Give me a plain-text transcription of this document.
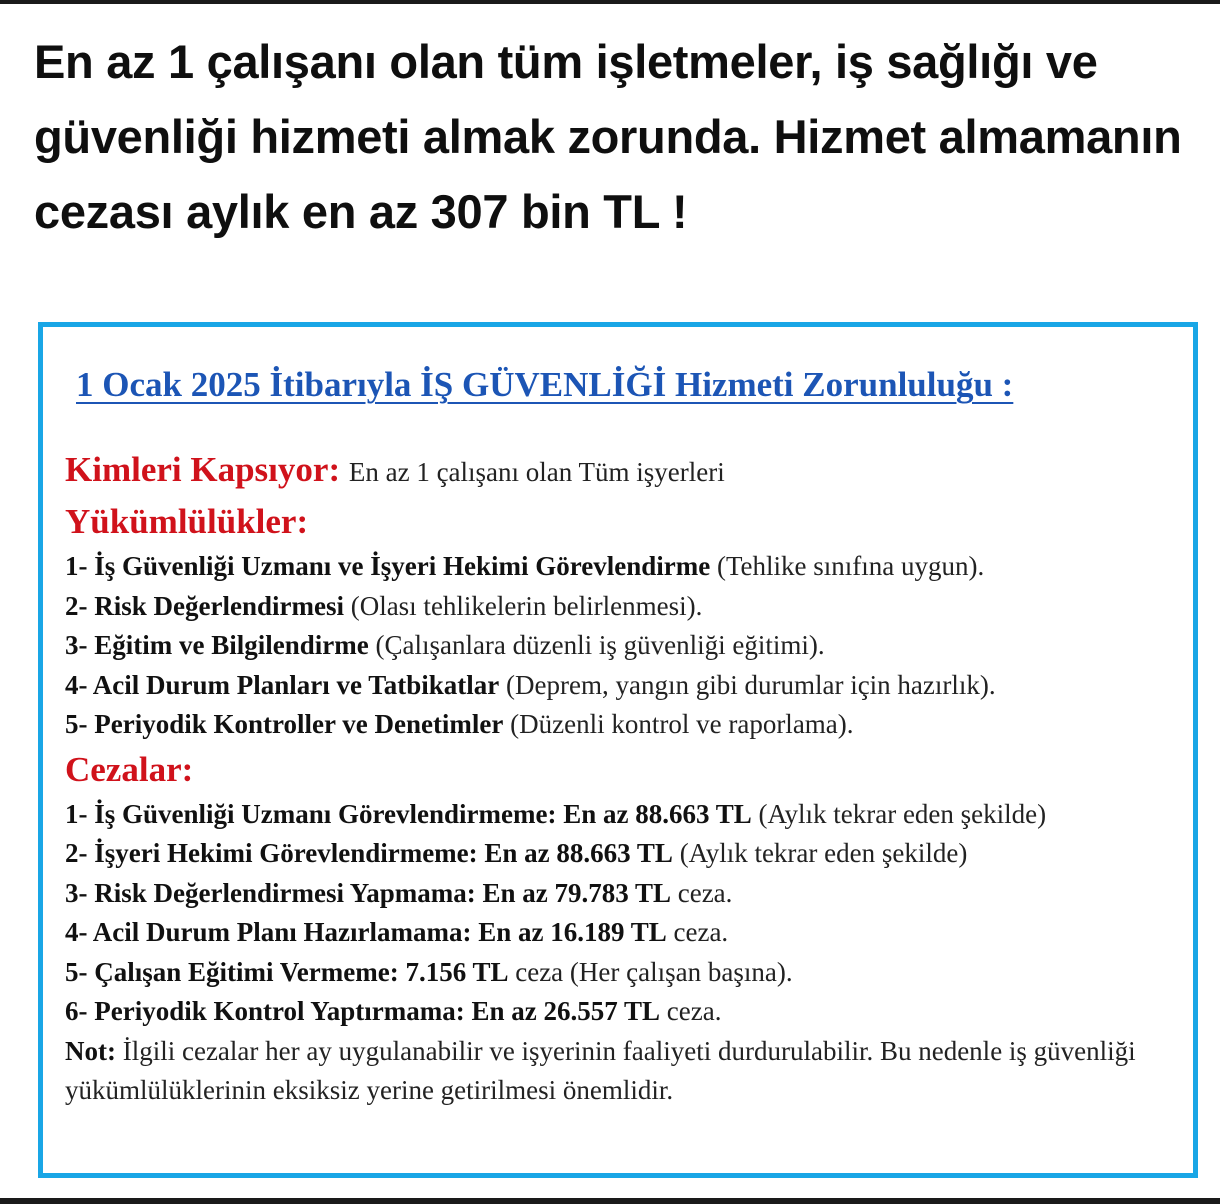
En az 1 çalışanı olan tüm işletmeler, iş sağlığı ve güvenliği hizmeti almak zorunda. Hizmet almamanın cezası aylık en az 307 bin TL !
1 Ocak 2025 İtibarıyla İŞ GÜVENLİĞİ Hizmeti Zorunluluğu :
Kimleri Kapsıyor: En az 1 çalışanı olan Tüm işyerleri
Yükümlülükler:
1- İş Güvenliği Uzmanı ve İşyeri Hekimi Görevlendirme (Tehlike sınıfına uygun).
2- Risk Değerlendirmesi (Olası tehlikelerin belirlenmesi).
3- Eğitim ve Bilgilendirme (Çalışanlara düzenli iş güvenliği eğitimi).
4- Acil Durum Planları ve Tatbikatlar (Deprem, yangın gibi durumlar için hazırlık).
5- Periyodik Kontroller ve Denetimler (Düzenli kontrol ve raporlama).
Cezalar:
1- İş Güvenliği Uzmanı Görevlendirmeme: En az 88.663 TL (Aylık tekrar eden şekilde)
2- İşyeri Hekimi Görevlendirmeme: En az 88.663 TL (Aylık tekrar eden şekilde)
3- Risk Değerlendirmesi Yapmama: En az 79.783 TL ceza.
4- Acil Durum Planı Hazırlamama: En az 16.189 TL ceza.
5- Çalışan Eğitimi Vermeme: 7.156 TL ceza (Her çalışan başına).
6- Periyodik Kontrol Yaptırmama: En az 26.557 TL ceza.
Not: İlgili cezalar her ay uygulanabilir ve işyerinin faaliyeti durdurulabilir. Bu nedenle iş güvenliği yükümlülüklerinin eksiksiz yerine getirilmesi önemlidir.
